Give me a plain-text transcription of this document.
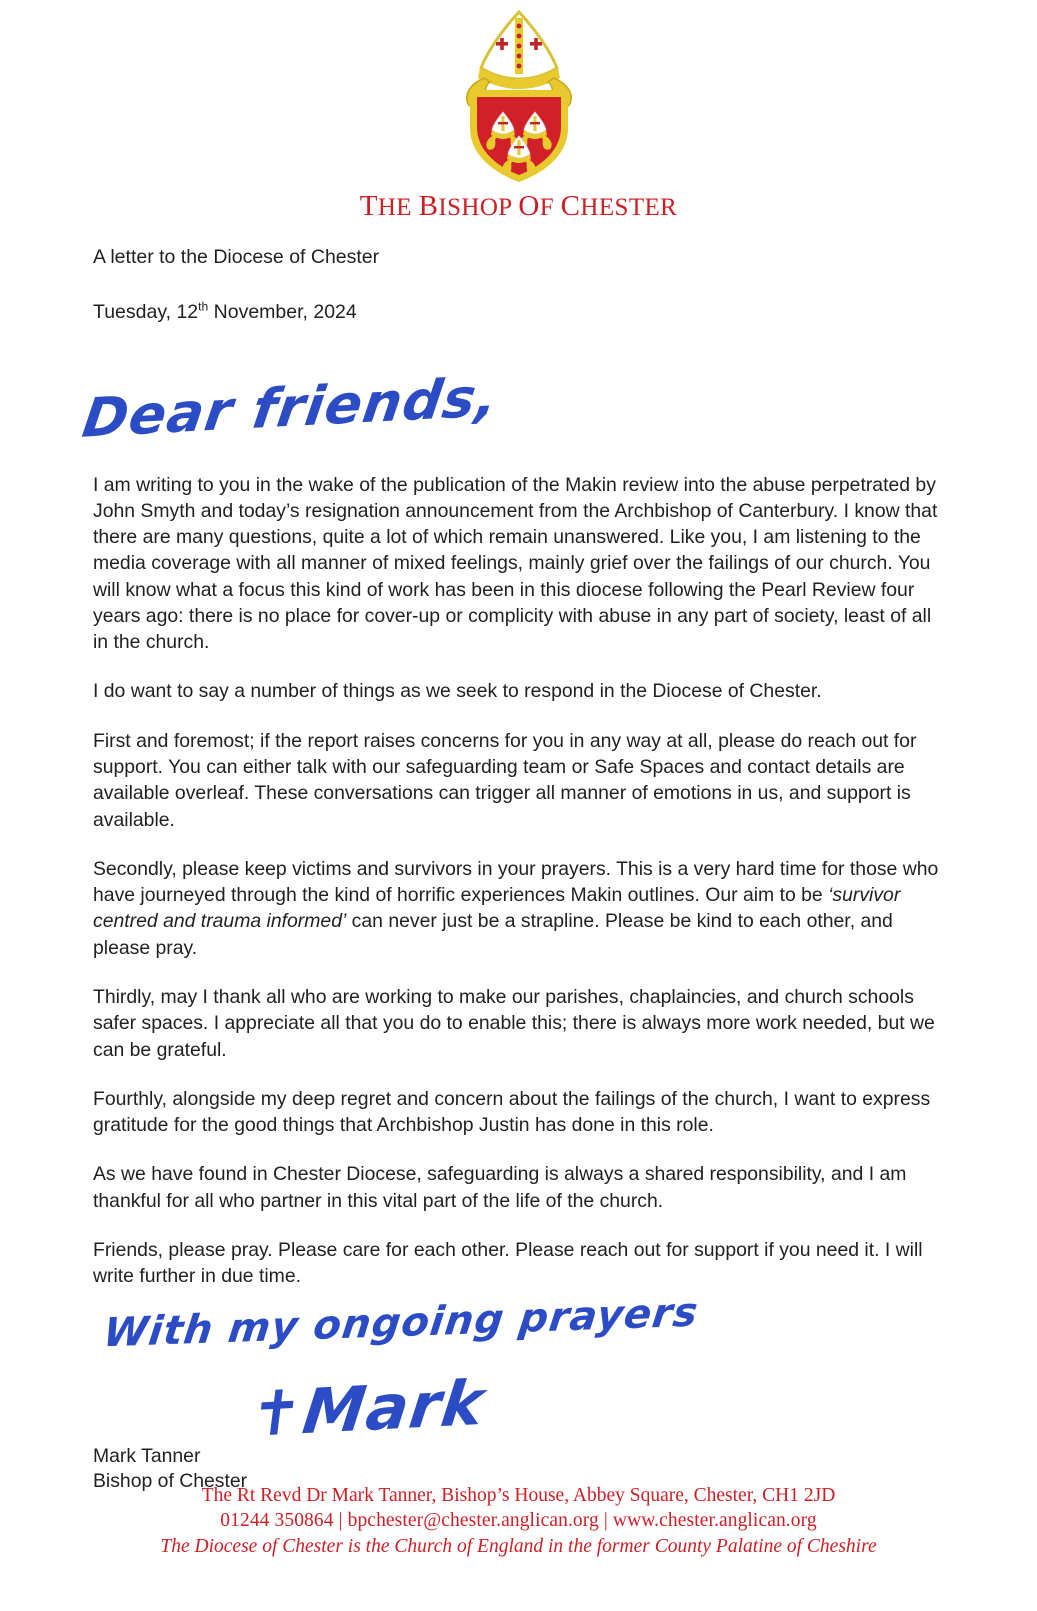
THE BISHOP OF CHESTER

A letter to the Diocese of Chester

Tuesday, 12th November, 2024

Dear friends,

I am writing to you in the wake of the publication of the Makin review into the abuse perpetrated by John Smyth and today’s resignation announcement from the Archbishop of Canterbury. I know that there are many questions, quite a lot of which remain unanswered. Like you, I am listening to the media coverage with all manner of mixed feelings, mainly grief over the failings of our church. You will know what a focus this kind of work has been in this diocese following the Pearl Review four years ago: there is no place for cover-up or complicity with abuse in any part of society, least of all in the church.

I do want to say a number of things as we seek to respond in the Diocese of Chester.

First and foremost; if the report raises concerns for you in any way at all, please do reach out for support. You can either talk with our safeguarding team or Safe Spaces and contact details are available overleaf. These conversations can trigger all manner of emotions in us, and support is available.

Secondly, please keep victims and survivors in your prayers. This is a very hard time for those who have journeyed through the kind of horrific experiences Makin outlines. Our aim to be ‘survivor centred and trauma informed’ can never just be a strapline. Please be kind to each other, and please pray.

Thirdly, may I thank all who are working to make our parishes, chaplaincies, and church schools safer spaces. I appreciate all that you do to enable this; there is always more work needed, but we can be grateful.

Fourthly, alongside my deep regret and concern about the failings of the church, I want to express gratitude for the good things that Archbishop Justin has done in this role.

As we have found in Chester Diocese, safeguarding is always a shared responsibility, and I am thankful for all who partner in this vital part of the life of the church.

Friends, please pray. Please care for each other. Please reach out for support if you need it. I will write further in due time.

With my ongoing prayers
✝Mark
Mark Tanner
Bishop of Chester
The Rt Revd Dr Mark Tanner, Bishop’s House, Abbey Square, Chester, CH1 2JD
01244 350864 | bpchester@chester.anglican.org | www.chester.anglican.org
The Diocese of Chester is the Church of England in the former County Palatine of Cheshire
